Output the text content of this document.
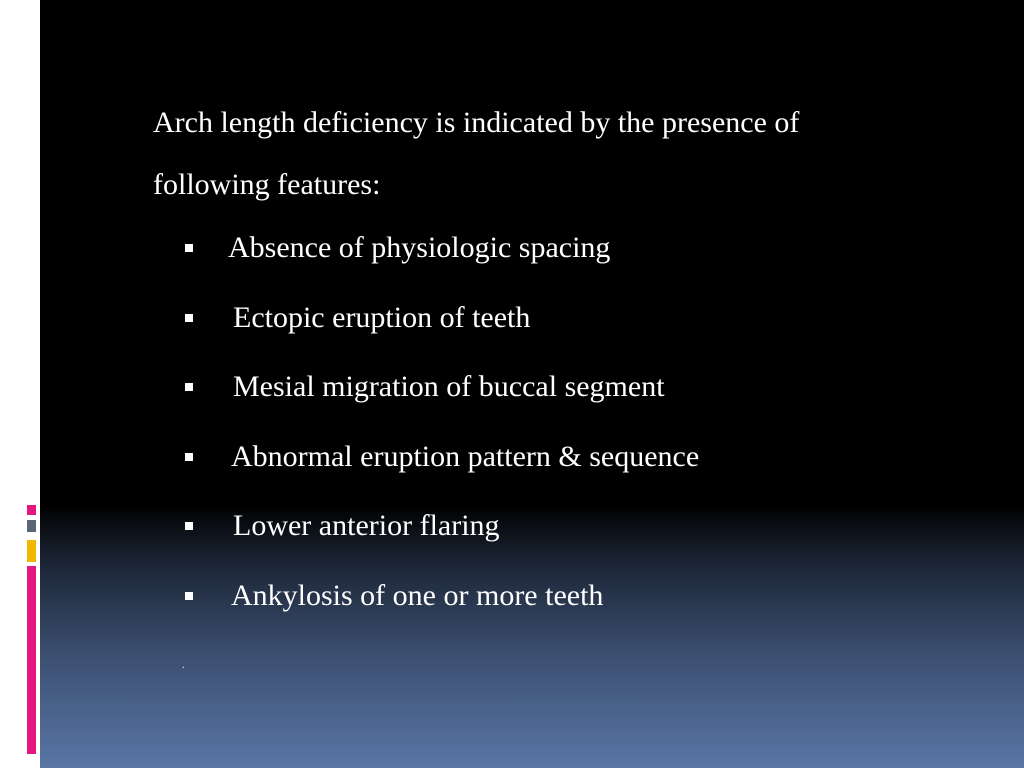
Arch length deficiency is indicated by the presence of following features:

Absence of physiologic spacing
Ectopic eruption of teeth
Mesial migration of buccal segment
Abnormal eruption pattern & sequence
Lower anterior flaring
Ankylosis of one or more teeth
.
